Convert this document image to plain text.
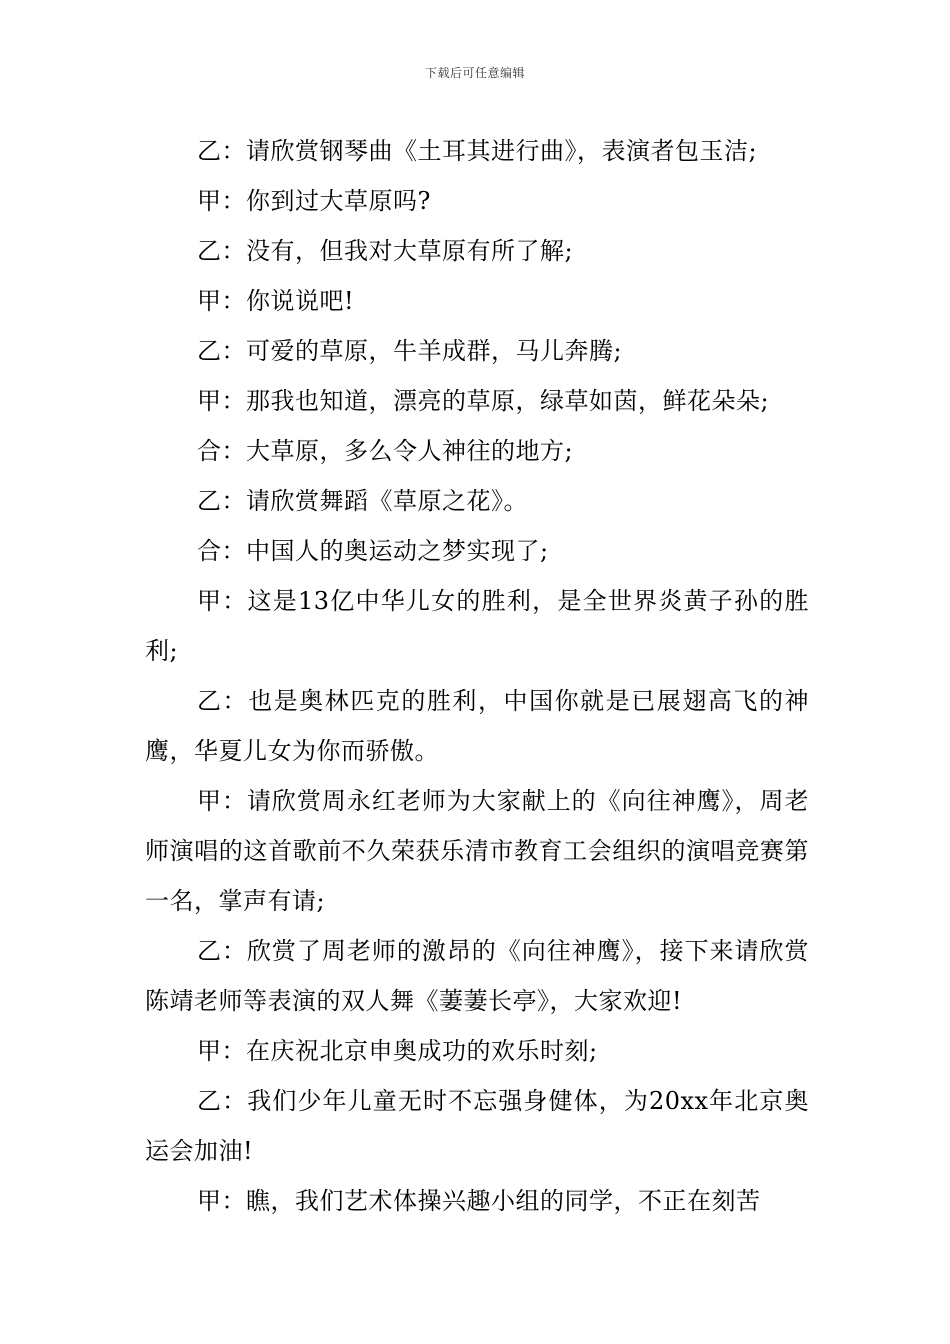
下载后可任意编辑

乙：请欣赏钢琴曲《土耳其进行曲》，表演者包玉洁;

甲：你到过大草原吗?

乙：没有，但我对大草原有所了解;

甲：你说说吧!

乙：可爱的草原，牛羊成群，马儿奔腾;

甲：那我也知道，漂亮的草原，绿草如茵，鲜花朵朵;

合：大草原，多么令人神往的地方;

乙：请欣赏舞蹈《草原之花》。

合：中国人的奥运动之梦实现了;

甲：这是13亿中华儿女的胜利，是全世界炎黄子孙的胜利;

乙：也是奥林匹克的胜利，中国你就是已展翅高飞的神鹰，华夏儿女为你而骄傲。

甲：请欣赏周永红老师为大家献上的《向往神鹰》，周老师演唱的这首歌前不久荣获乐清市教育工会组织的演唱竞赛第一名，掌声有请;

乙：欣赏了周老师的激昂的《向往神鹰》，接下来请欣赏陈靖老师等表演的双人舞《萋萋长亭》，大家欢迎!

甲：在庆祝北京申奥成功的欢乐时刻;

乙：我们少年儿童无时不忘强身健体，为20xx年北京奥运会加油!

甲：瞧，我们艺术体操兴趣小组的同学，不正在刻苦
